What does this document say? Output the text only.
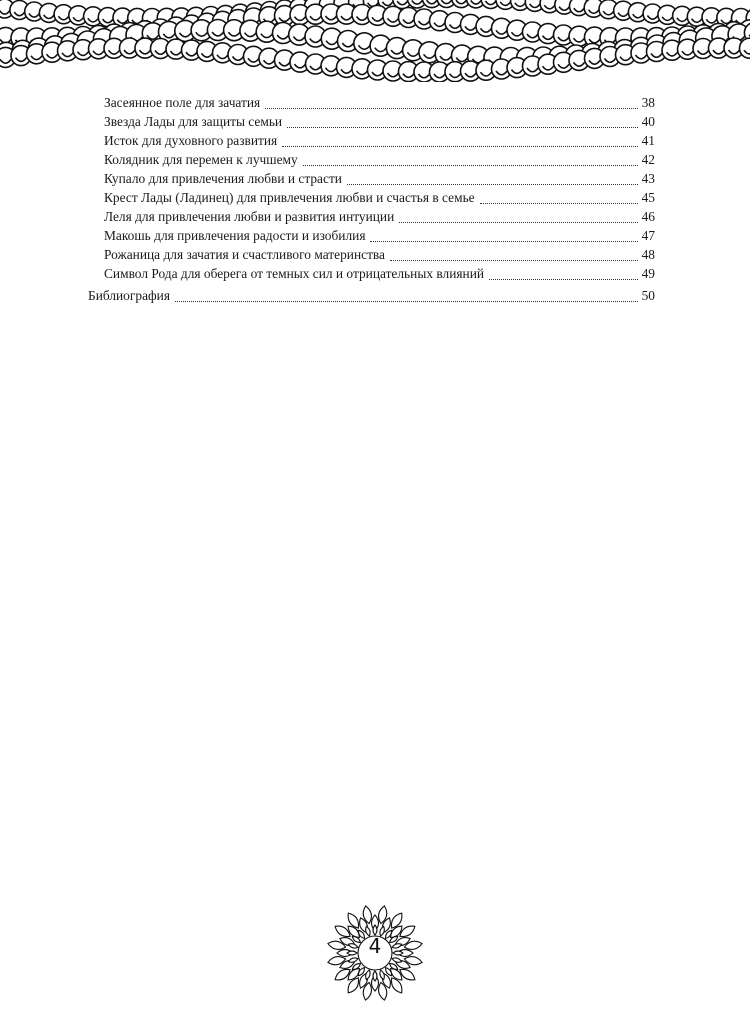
Засеянное поле для зачатия	38
Звезда Лады для защиты семьи	40
Исток для духовного развития	41
Колядник для перемен к лучшему	42
Купало для привлечения любви и страсти	43
Крест Лады (Ладинец) для привлечения любви и счастья в семье	45
Леля для привлечения любви и развития интуиции	46
Макошь для привлечения радости и изобилия	47
Рожаница для зачатия и счастливого материнства	48
Символ Рода для оберега от темных сил и отрицательных влияний	49
Библиография	50
4
